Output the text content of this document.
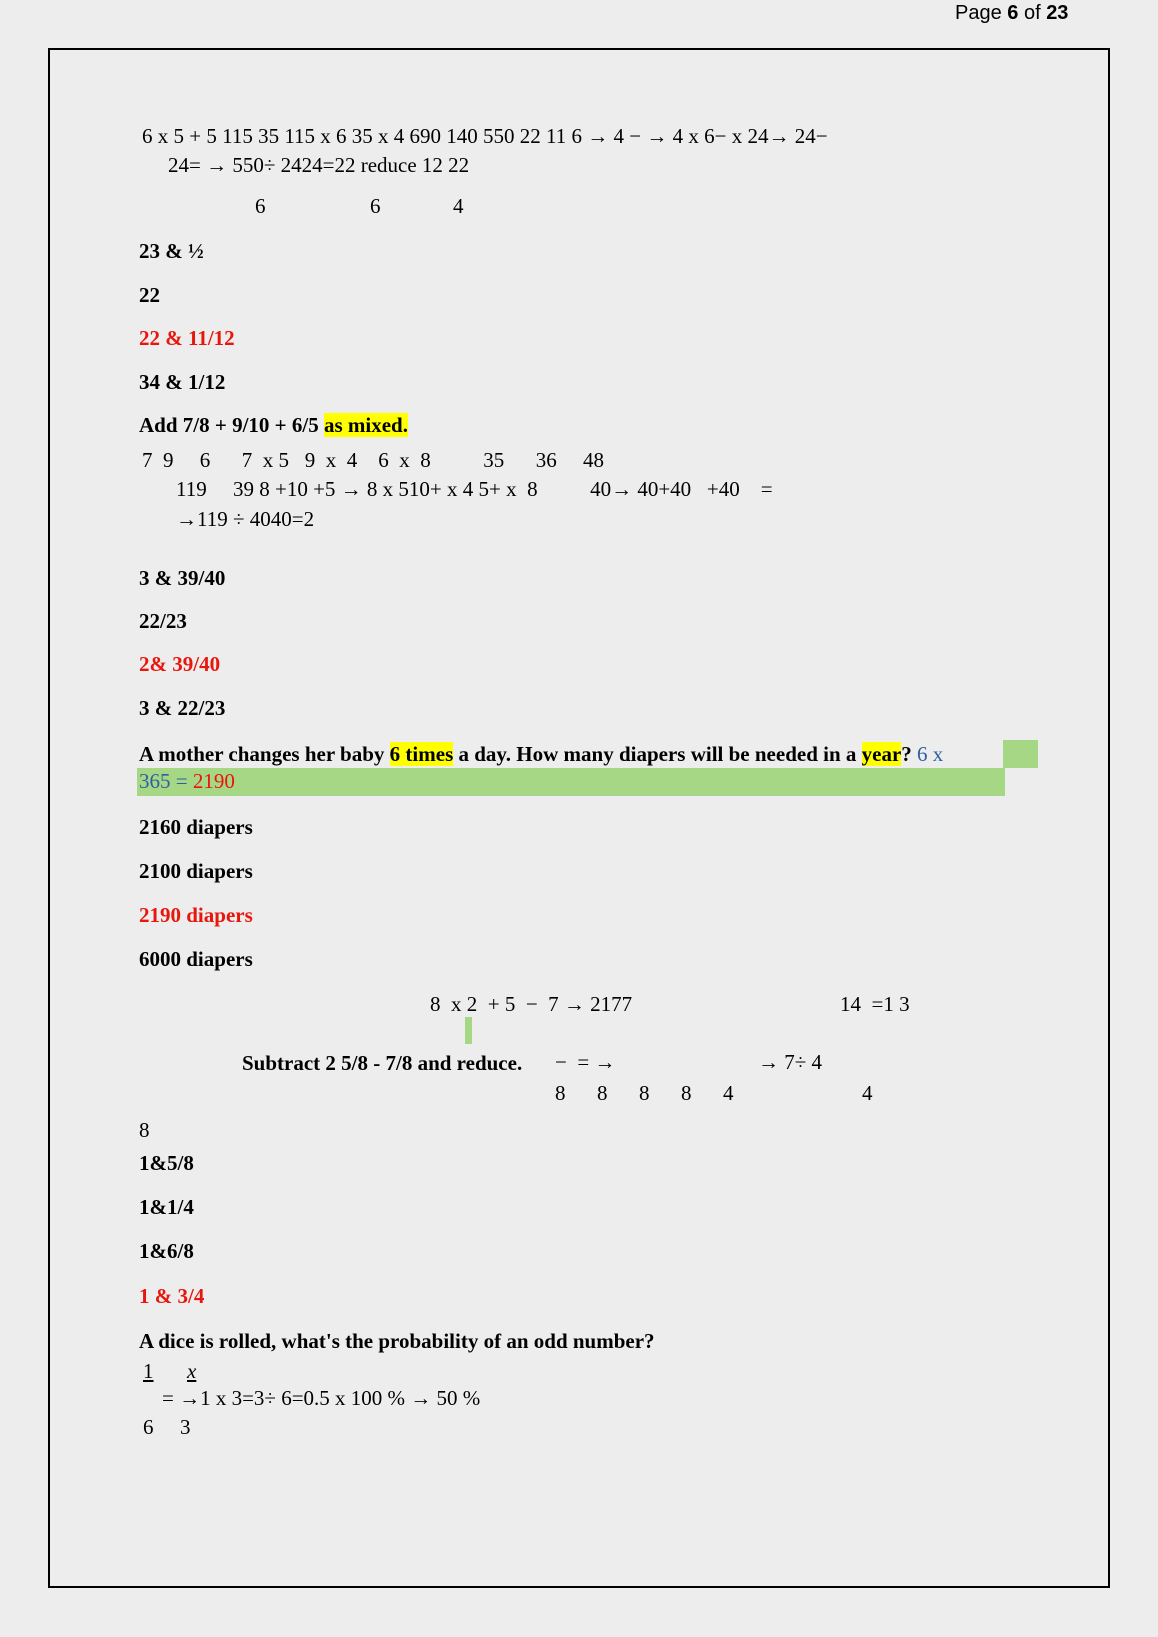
Page 6 of 23
6 x 5 + 5 115 35 115 x 6 35 x 4 690 140 550 22 11 6 → 4 − → 4 x 6− x 24→ 24−
24= → 550÷ 2424=22 reduce 12 22
6	6	4
23 & ½
22
22 & 11/12
34 & 1/12
Add 7/8 + 9/10 + 6/5 as mixed.
7  9     6      7  x 5   9  x  4    6  x  8          35      36     48
119     39 8 +10 +5 → 8 x 510+ x 4 5+ x  8          40→ 40+40   +40    =
→119 ÷ 4040=2
3 & 39/40
22/23
2& 39/40
3 & 22/23
A mother changes her baby 6 times a day. How many diapers will be needed in a year? 6 x
365 = 2190
2160 diapers
2100 diapers
2190 diapers
6000 diapers
8  x 2  + 5  −  7 → 2177	14  =1 3
Subtract 2 5/8 - 7/8 and reduce. −  = →	→ 7÷ 4
8      8      8      8      4	4
8
1&5/8
1&1/4
1&6/8
1 & 3/4
A dice is rolled, what's the probability of an odd number?
1 x
= →1 x 3=3÷ 6=0.5 x 100 % → 50 %
6 3
